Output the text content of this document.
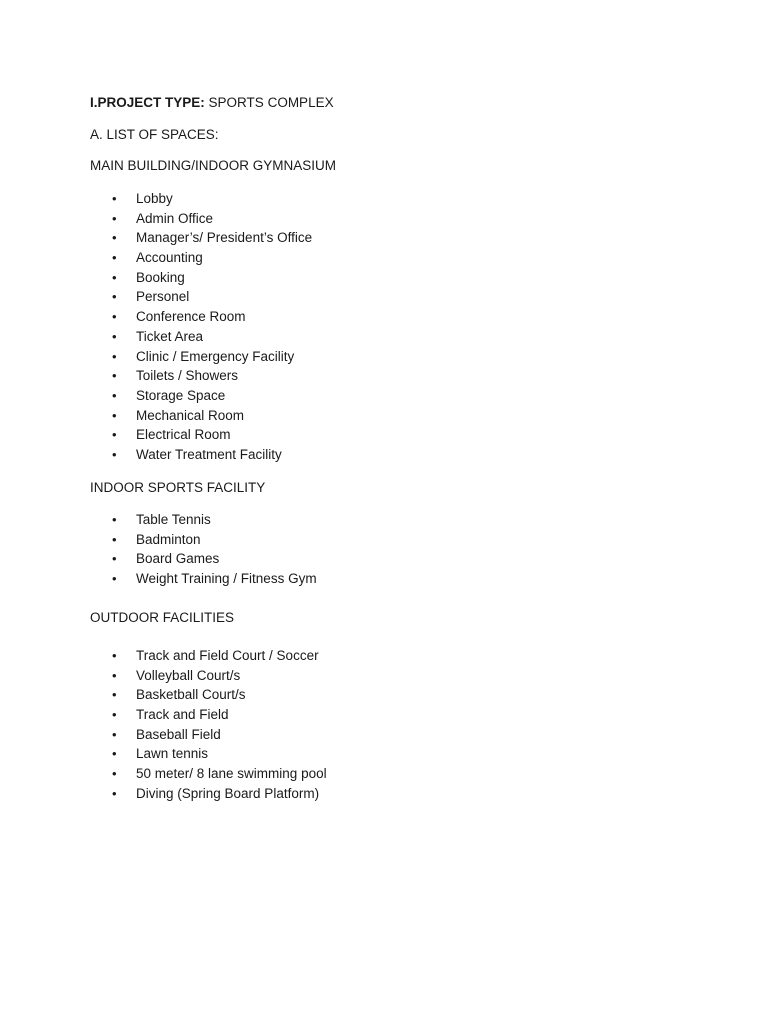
I.PROJECT TYPE: SPORTS COMPLEX
A. LIST OF SPACES:
MAIN BUILDING/INDOOR GYMNASIUM
• Lobby
• Admin Office
• Manager’s/ President’s Office
• Accounting
• Booking
• Personel
• Conference Room
• Ticket Area
• Clinic / Emergency Facility
• Toilets / Showers
• Storage Space
• Mechanical Room
• Electrical Room
• Water Treatment Facility
INDOOR SPORTS FACILITY
• Table Tennis
• Badminton
• Board Games
• Weight Training / Fitness Gym
OUTDOOR FACILITIES
• Track and Field Court / Soccer
• Volleyball Court/s
• Basketball Court/s
• Track and Field
• Baseball Field
• Lawn tennis
• 50 meter/ 8 lane swimming pool
• Diving (Spring Board Platform)
